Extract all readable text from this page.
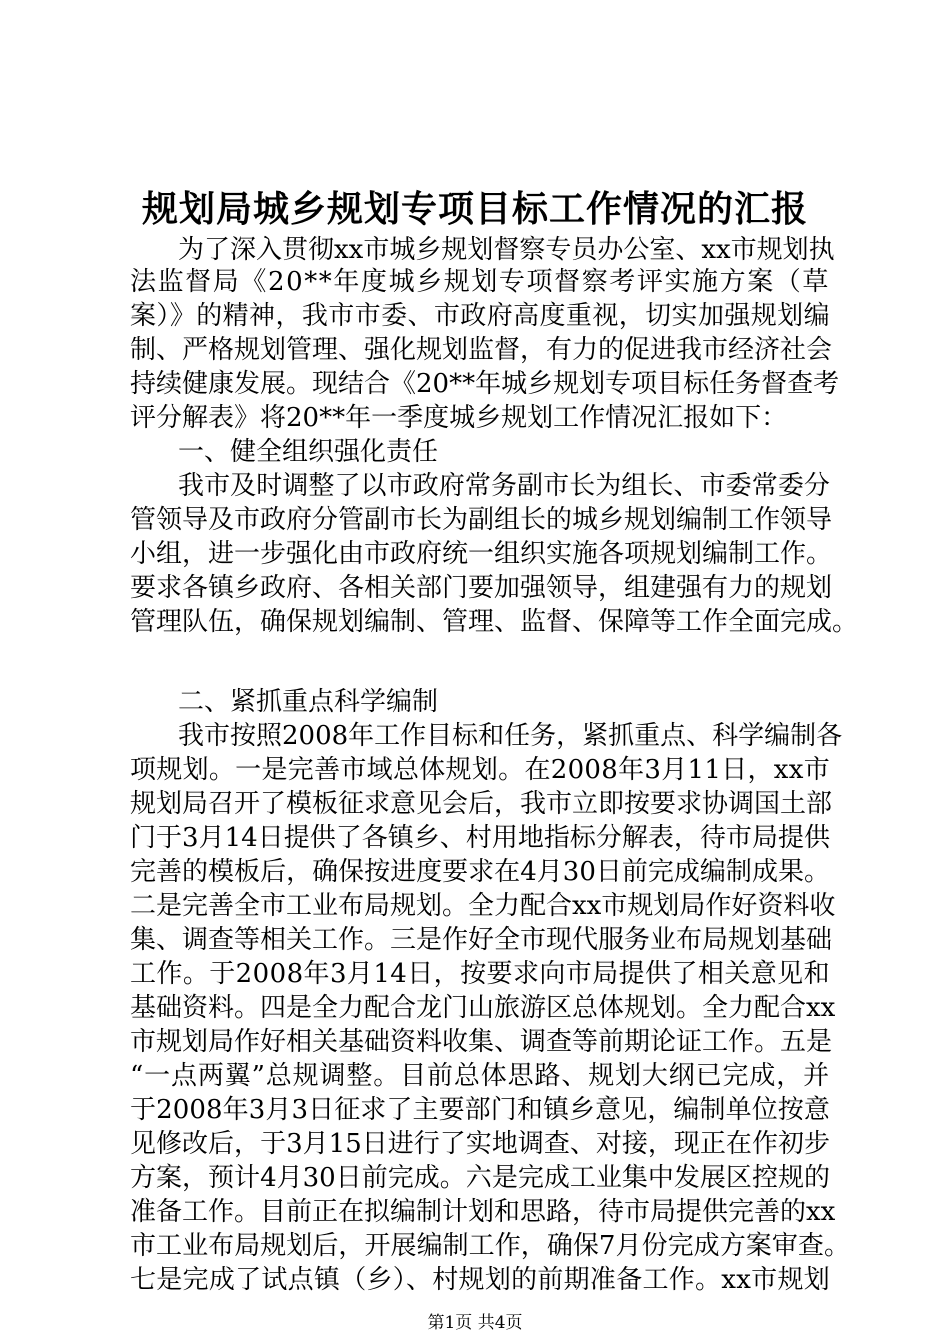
规划局城乡规划专项目标工作情况的汇报
为了深入贯彻xx市城乡规划督察专员办公室、xx市规划执
法监督局《20**年度城乡规划专项督察考评实施方案（草
案）》的精神，我市市委、市政府高度重视，切实加强规划编
制、严格规划管理、强化规划监督，有力的促进我市经济社会
持续健康发展。现结合《20**年城乡规划专项目标任务督查考
评分解表》将20**年一季度城乡规划工作情况汇报如下：
一、健全组织强化责任
我市及时调整了以市政府常务副市长为组长、市委常委分
管领导及市政府分管副市长为副组长的城乡规划编制工作领导
小组，进一步强化由市政府统一组织实施各项规划编制工作。
要求各镇乡政府、各相关部门要加强领导，组建强有力的规划
管理队伍，确保规划编制、管理、监督、保障等工作全面完成。
二、紧抓重点科学编制
我市按照2008年工作目标和任务，紧抓重点、科学编制各
项规划。一是完善市域总体规划。在2008年3月11日，xx市
规划局召开了模板征求意见会后，我市立即按要求协调国土部
门于3月14日提供了各镇乡、村用地指标分解表，待市局提供
完善的模板后，确保按进度要求在4月30日前完成编制成果。
二是完善全市工业布局规划。全力配合xx市规划局作好资料收
集、调查等相关工作。三是作好全市现代服务业布局规划基础
工作。于2008年3月14日，按要求向市局提供了相关意见和
基础资料。四是全力配合龙门山旅游区总体规划。全力配合xx
市规划局作好相关基础资料收集、调查等前期论证工作。五是
“一点两翼”总规调整。目前总体思路、规划大纲已完成，并
于2008年3月3日征求了主要部门和镇乡意见，编制单位按意
见修改后，于3月15日进行了实地调查、对接，现正在作初步
方案，预计4月30日前完成。六是完成工业集中发展区控规的
准备工作。目前正在拟编制计划和思路，待市局提供完善的xx
市工业布局规划后，开展编制工作，确保7月份完成方案审查。
七是完成了试点镇（乡）、村规划的前期准备工作。xx市规划
第1页 共4页
